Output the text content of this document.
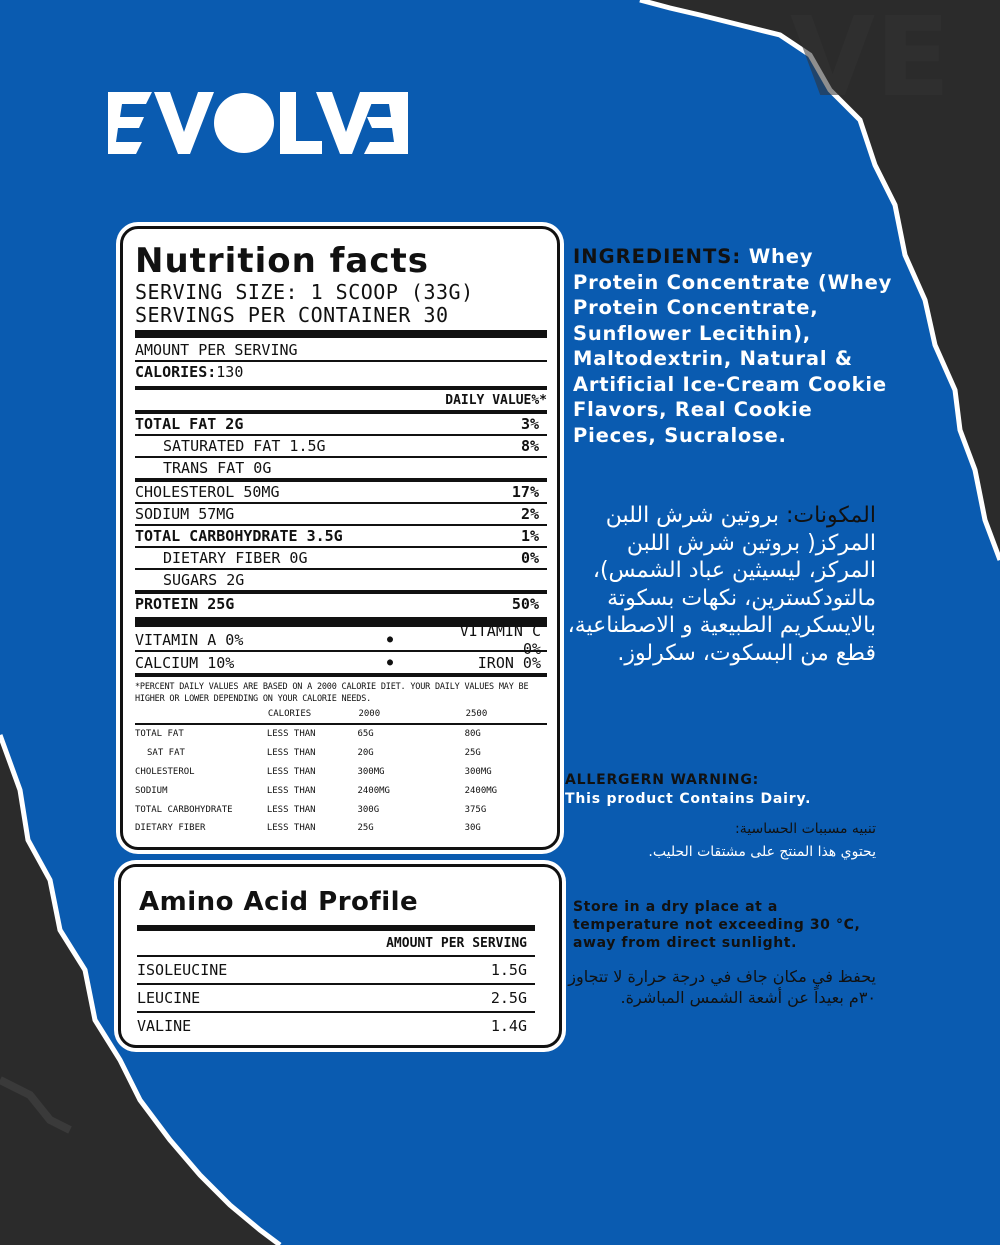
VE
Nutrition facts
SERVING SIZE: 1 SCOOP (33G)
SERVINGS PER CONTAINER 30
AMOUNT PER SERVING
CALORIES: 130
DAILY VALUE%*
TOTAL FAT 2G	3%
SATURATED FAT 1.5G	8%
TRANS FAT 0G
CHOLESTEROL 50MG	17%
SODIUM 57MG	2%
TOTAL CARBOHYDRATE 3.5G	1%
DIETARY FIBER 0G	0%
SUGARS 2G
PROTEIN 25G	50%
VITAMIN A 0%	●	VITAMIN C 0%
CALCIUM 10%	●	IRON 0%
*PERCENT DAILY VALUES ARE BASED ON A 2000 CALORIE DIET. YOUR DAILY VALUES MAY BE HIGHER OR LOWER DEPENDING ON YOUR CALORIE NEEDS.
	CALORIES	2000	2500

TOTAL FAT	LESS THAN	65G	80G
SAT FAT	LESS THAN	20G	25G
CHOLESTEROL	LESS THAN	300MG	300MG
SODIUM	LESS THAN	2400MG	2400MG
TOTAL CARBOHYDRATE	LESS THAN	300G	375G
DIETARY FIBER	LESS THAN	25G	30G
Amino Acid Profile
AMOUNT PER SERVING
ISOLEUCINE	1.5G
LEUCINE	2.5G
VALINE	1.4G
INGREDIENTS: Whey Protein Concentrate (Whey Protein Concentrate, Sunflower Lecithin), Maltodextrin, Natural & Artificial Ice-Cream Cookie Flavors, Real Cookie Pieces, Sucralose.
المكونات: بروتين شرش اللبن المركز( بروتين شرش اللبن المركز، ليسيثين عباد الشمس)، مالتودكسترين، نكهات بسكوتة بالايسكريم الطبيعية و الاصطناعية، قطع من البسكوت، سكرلوز.
ALLERGERN WARNING:
This product Contains Dairy.
تنبيه مسببات الحساسية:
يحتوي هذا المنتج على مشتقات الحليب.
Store in a dry place at a temperature not exceeding 30 °C, away from direct sunlight.
يحفظ في مكان جاف في درجة حرارة لا تتجاوز ٣٠م بعيداً عن أشعة الشمس المباشرة.
